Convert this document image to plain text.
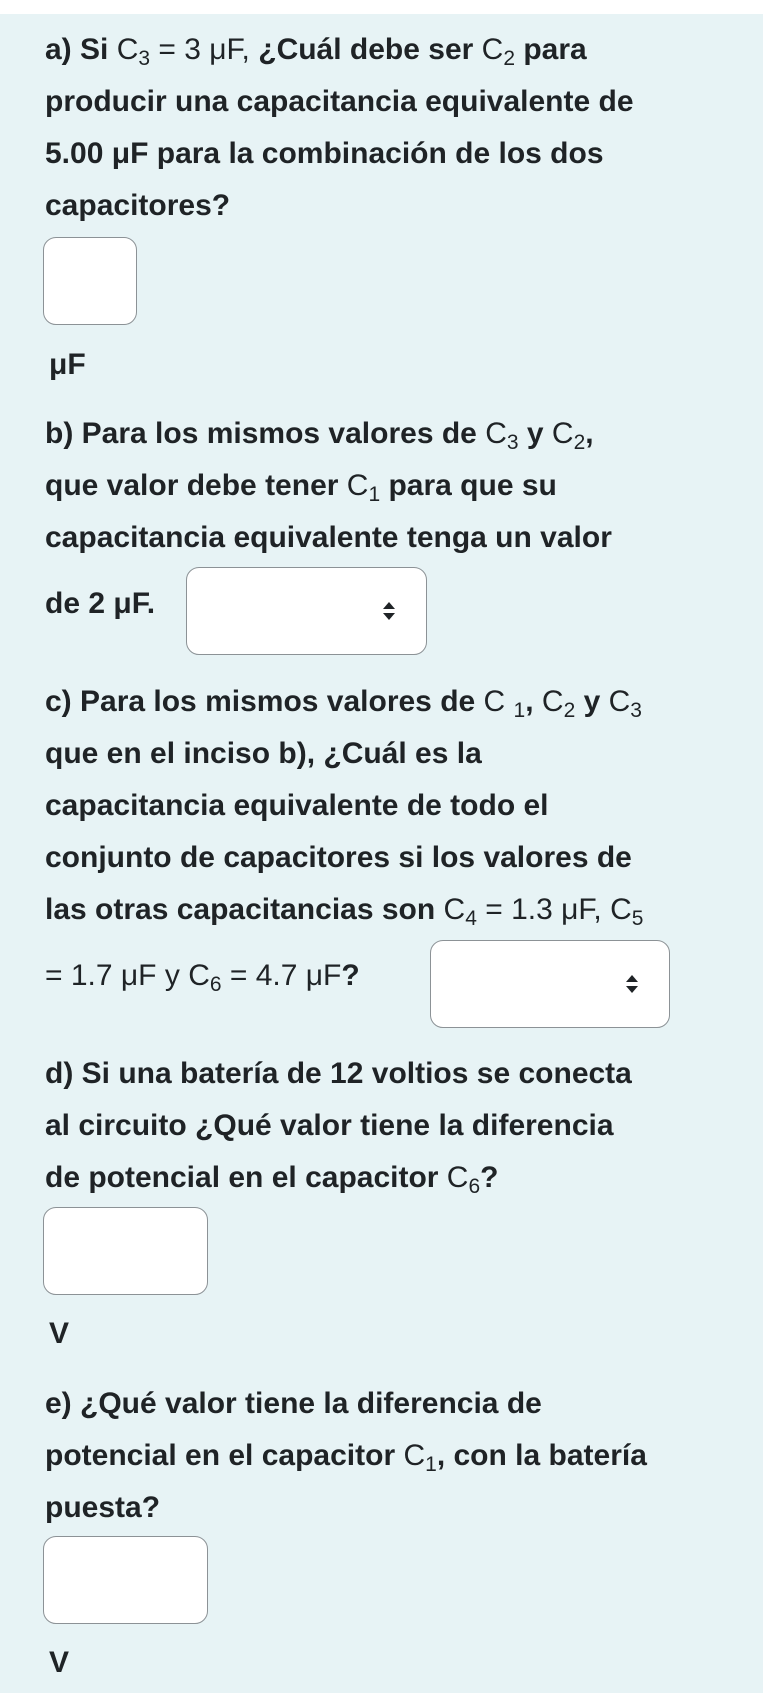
a) Si $C_3 = 3$ μF, ¿Cuál debe ser $C_2$ para
producir una capacitancia equivalente de
5.00 μF para la combinación de los dos
capacitores?
μF
b) Para los mismos valores de $C_3$ y $C_2$,
que valor debe tener $C_1$ para que su
capacitancia equivalente tenga un valor
de 2 μF.
c) Para los mismos valores de C $_1$, $C_2$ y $C_3$
que en el inciso b), ¿Cuál es la
capacitancia equivalente de todo el
conjunto de capacitores si los valores de
las otras capacitancias son $C_4 = 1.3$ μF, $C_5$
= 1.7 μF y $C_6 = 4.7$ μF?
d) Si una batería de 12 voltios se conecta
al circuito ¿Qué valor tiene la diferencia
de potencial en el capacitor $C_6$?
V
e) ¿Qué valor tiene la diferencia de
potencial en el capacitor $C_1$, con la batería
puesta?
V
